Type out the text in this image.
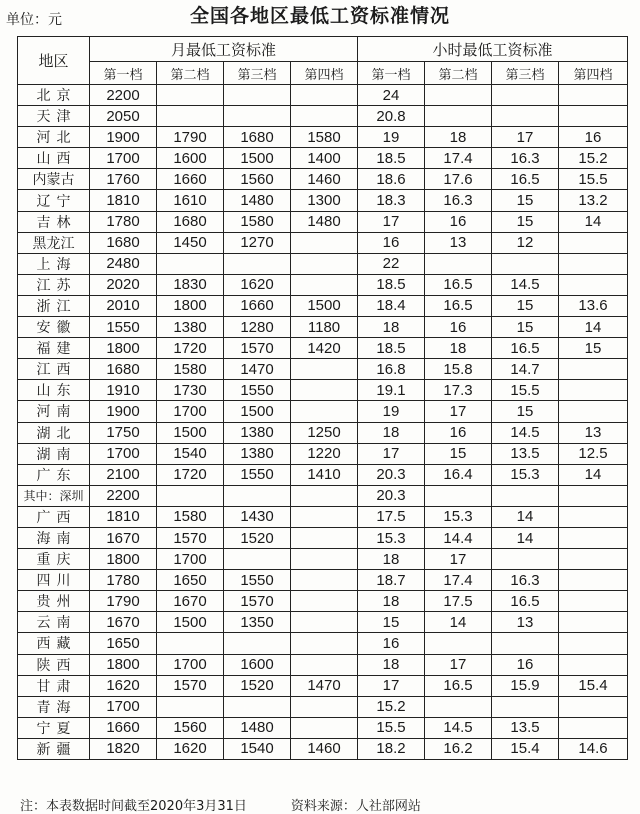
全国各地区最低工资标准情况
单位：元
地区	月最低工资标准				小时最低工资标准			
	第一档	第二档	第三档	第四档	第一档	第二档	第三档	第四档
北京	2200				24			
天津	2050				20.8			
河北	1900	1790	1680	1580	19	18	17	16
山西	1700	1600	1500	1400	18.5	17.4	16.3	15.2
内蒙古	1760	1660	1560	1460	18.6	17.6	16.5	15.5
辽宁	1810	1610	1480	1300	18.3	16.3	15	13.2
吉林	1780	1680	1580	1480	17	16	15	14
黑龙江	1680	1450	1270		16	13	12	
上海	2480				22			
江苏	2020	1830	1620		18.5	16.5	14.5	
浙江	2010	1800	1660	1500	18.4	16.5	15	13.6
安徽	1550	1380	1280	1180	18	16	15	14
福建	1800	1720	1570	1420	18.5	18	16.5	15
江西	1680	1580	1470		16.8	15.8	14.7	
山东	1910	1730	1550		19.1	17.3	15.5	
河南	1900	1700	1500		19	17	15	
湖北	1750	1500	1380	1250	18	16	14.5	13
湖南	1700	1540	1380	1220	17	15	13.5	12.5
广东	2100	1720	1550	1410	20.3	16.4	15.3	14
其中：深圳	2200				20.3			
广西	1810	1580	1430		17.5	15.3	14	
海南	1670	1570	1520		15.3	14.4	14	
重庆	1800	1700			18	17		
四川	1780	1650	1550		18.7	17.4	16.3	
贵州	1790	1670	1570		18	17.5	16.5	
云南	1670	1500	1350		15	14	13	
西藏	1650				16			
陕西	1800	1700	1600		18	17	16	
甘肃	1620	1570	1520	1470	17	16.5	15.9	15.4
青海	1700				15.2			
宁夏	1660	1560	1480		15.5	14.5	13.5	
新疆	1820	1620	1540	1460	18.2	16.2	15.4	14.6
注：本表数据时间截至2020年3月31日	资料来源：人社部网站
